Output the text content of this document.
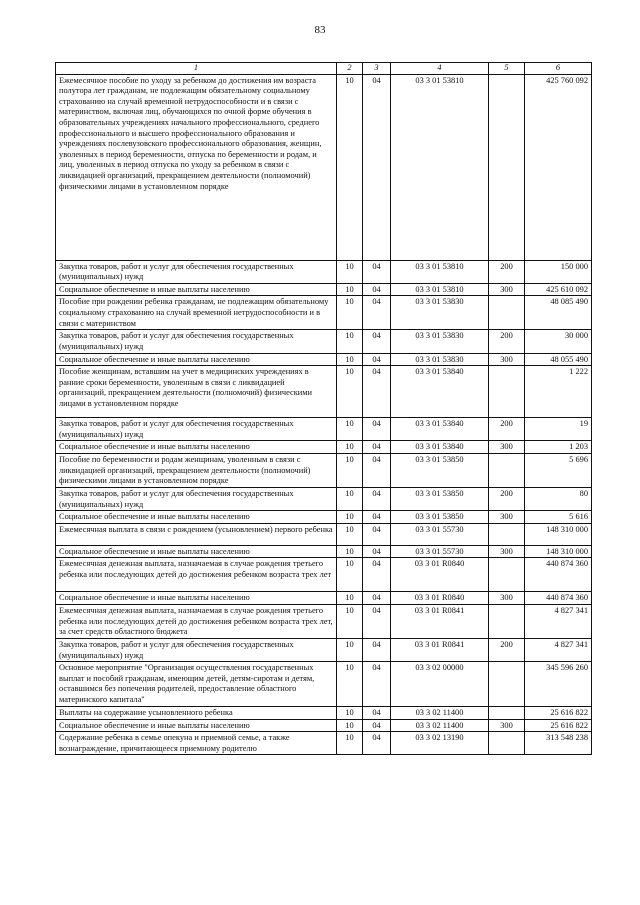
83
1	2	3	4	5	6
Ежемесячное пособие по уходу за ребенком до достижения им возраста полутора лет гражданам, не подлежащим обязательному социальному страхованию на случай временной нетрудоспособности и в связи с материнством, включая лиц, обучающихся по очной форме обучения в образовательных учреждениях начального профессионального, среднего профессионального и высшего профессионального образования и учреждениях послевузовского профессионального образования, женщин, уволенных в период беременности, отпуска по беременности и родам, и лиц, уволенных в период отпуска по уходу за ребенком в связи с ликвидацией организаций, прекращением деятельности (полномочий) физическими лицами в установленном порядке	10	04	03 3 01 53810		425 760 092
Закупка товаров, работ и услуг для обеспечения государственных (муниципальных) нужд	10	04	03 3 01 53810	200	150 000
Социальное обеспечение и иные выплаты населению	10	04	03 3 01 53810	300	425 610 092
Пособие при рождении ребенка гражданам, не подлежащим обязательному социальному страхованию на случай временной нетрудоспособности и в связи с материнством	10	04	03 3 01 53830		48 085 490
Закупка товаров, работ и услуг для обеспечения государственных (муниципальных) нужд	10	04	03 3 01 53830	200	30 000
Социальное обеспечение и иные выплаты населению	10	04	03 3 01 53830	300	48 055 490
Пособие женщинам, вставшим на учет в медицинских учреждениях в ранние сроки беременности, уволенным в связи с ликвидацией организаций, прекращением деятельности (полномочий) физическими лицами в установленном порядке	10	04	03 3 01 53840		1 222
Закупка товаров, работ и услуг для обеспечения государственных (муниципальных) нужд	10	04	03 3 01 53840	200	19
Социальное обеспечение и иные выплаты населению	10	04	03 3 01 53840	300	1 203
Пособие по беременности и родам женщинам, уволенным в связи с ликвидацией организаций, прекращением деятельности (полномочий) физическими лицами в установленном порядке	10	04	03 3 01 53850		5 696
Закупка товаров, работ и услуг для обеспечения государственных (муниципальных) нужд	10	04	03 3 01 53850	200	80
Социальное обеспечение и иные выплаты населению	10	04	03 3 01 53850	300	5 616
Ежемесячная выплата в связи с рождением (усыновлением) первого ребенка	10	04	03 3 01 55730		148 310 000
Социальное обеспечение и иные выплаты населению	10	04	03 3 01 55730	300	148 310 000
Ежемесячная денежная выплата, назначаемая в случае рождения третьего ребенка или последующих детей до достижения ребенком возраста трех лет	10	04	03 3 01 R0840		440 874 360
Социальное обеспечение и иные выплаты населению	10	04	03 3 01 R0840	300	440 874 360
Ежемесячная денежная выплата, назначаемая в случае рождения третьего ребенка или последующих детей до достижения ребенком возраста трех лет, за счет средств областного бюджета	10	04	03 3 01 R0841		4 827 341
Закупка товаров, работ и услуг для обеспечения государственных (муниципальных) нужд	10	04	03 3 01 R0841	200	4 827 341
Основное мероприятие "Организация осуществления государственных выплат и пособий гражданам, имеющим детей, детям-сиротам и детям, оставшимся без попечения родителей, предоставление областного материнского капитала"	10	04	03 3 02 00000		345 596 260
Выплаты на содержание усыновленного ребенка	10	04	03 3 02 11400		25 616 822
Социальное обеспечение и иные выплаты населению	10	04	03 3 02 11400	300	25 616 822
Содержание ребенка в семье опекуна и приемной семье, а также вознаграждение, причитающееся приемному родителю	10	04	03 3 02 13190		313 548 238
